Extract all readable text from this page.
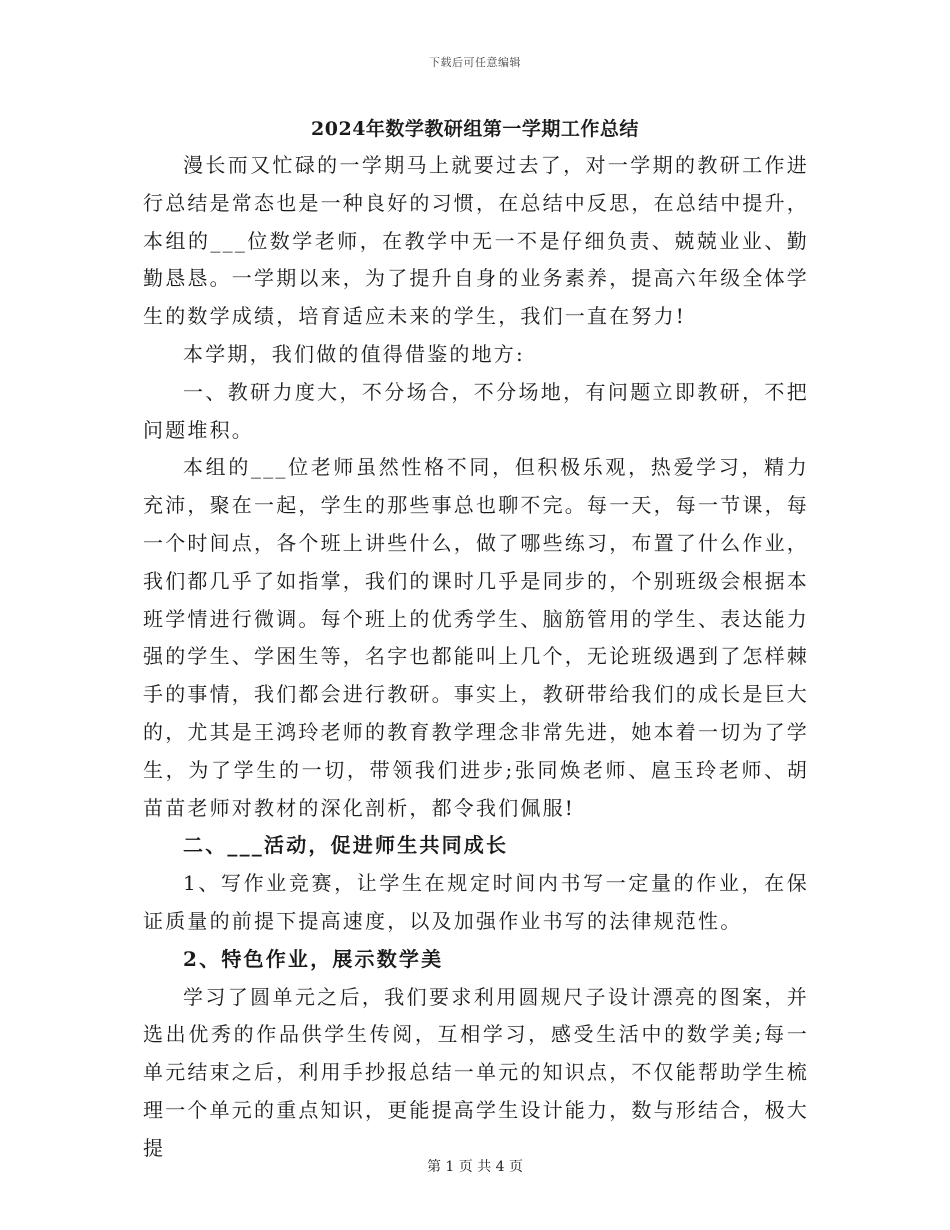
下载后可任意编辑
2024年数学教研组第一学期工作总结

漫长而又忙碌的一学期马上就要过去了，对一学期的教研工作进行总结是常态也是一种良好的习惯，在总结中反思，在总结中提升，本组的___位数学老师，在教学中无一不是仔细负责、兢兢业业、勤勤恳恳。一学期以来，为了提升自身的业务素养，提高六年级全体学生的数学成绩，培育适应未来的学生，我们一直在努力!

本学期，我们做的值得借鉴的地方:

一、教研力度大，不分场合，不分场地，有问题立即教研，不把问题堆积。

本组的___位老师虽然性格不同，但积极乐观，热爱学习，精力充沛，聚在一起，学生的那些事总也聊不完。每一天，每一节课，每一个时间点，各个班上讲些什么，做了哪些练习，布置了什么作业，我们都几乎了如指掌，我们的课时几乎是同步的，个别班级会根据本班学情进行微调。每个班上的优秀学生、脑筋管用的学生、表达能力强的学生、学困生等，名字也都能叫上几个，无论班级遇到了怎样棘手的事情，我们都会进行教研。事实上，教研带给我们的成长是巨大的，尤其是王鸿玲老师的教育教学理念非常先进，她本着一切为了学生，为了学生的一切，带领我们进步;张同焕老师、扈玉玲老师、胡苗苗老师对教材的深化剖析，都令我们佩服!

二、___活动，促进师生共同成长

1、写作业竞赛，让学生在规定时间内书写一定量的作业，在保证质量的前提下提高速度，以及加强作业书写的法律规范性。

2、特色作业，展示数学美

学习了圆单元之后，我们要求利用圆规尺子设计漂亮的图案，并选出优秀的作品供学生传阅，互相学习，感受生活中的数学美;每一单元结束之后，利用手抄报总结一单元的知识点，不仅能帮助学生梳理一个单元的重点知识，更能提高学生设计能力，数与形结合，极大提

第 1 页 共 4 页
